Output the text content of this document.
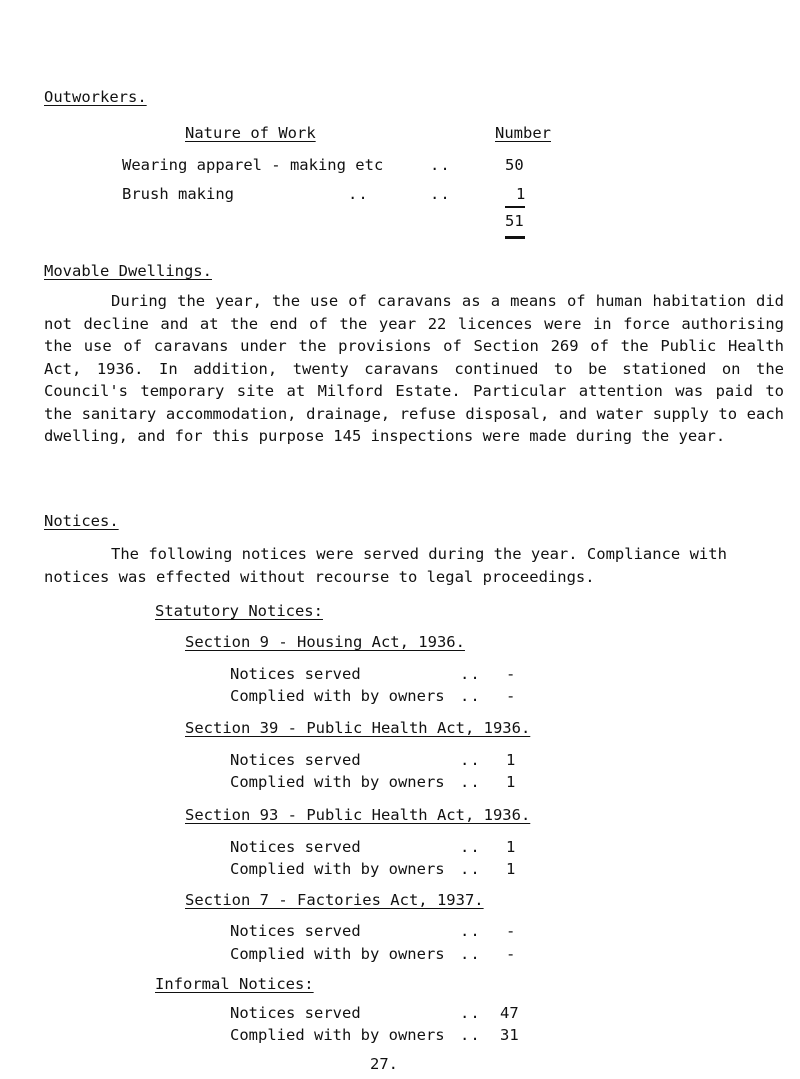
Outworkers.
Nature of Work	Number
Wearing apparel - making etc	..	50
Brush making	..	..	1
51
Movable Dwellings.
During the year, the use of caravans as a means of human habitation did not decline and at the end of the year 22 licences were in force authorising the use of caravans under the provisions of Section 269 of the Public Health Act, 1936. In addition, twenty caravans continued to be stationed on the Council's temporary site at Milford Estate. Particular attention was paid to the sanitary accommodation, drainage, refuse disposal, and water supply to each dwelling, and for this purpose 145 inspections were made during the year.
Notices.
The following notices were served during the year. Compliance with notices was effected without recourse to legal proceedings.
Statutory Notices:
Section 9 - Housing Act, 1936.
Notices served	.. -
Complied with by owners .. -
Section 39 - Public Health Act, 1936.
Notices served	.. 1
Complied with by owners .. 1
Section 93 - Public Health Act, 1936.
Notices served	.. 1
Complied with by owners .. 1
Section 7 - Factories Act, 1937.
Notices served	.. -
Complied with by owners .. -
Informal Notices:
Notices served	.. 47
Complied with by owners .. 31
27.
